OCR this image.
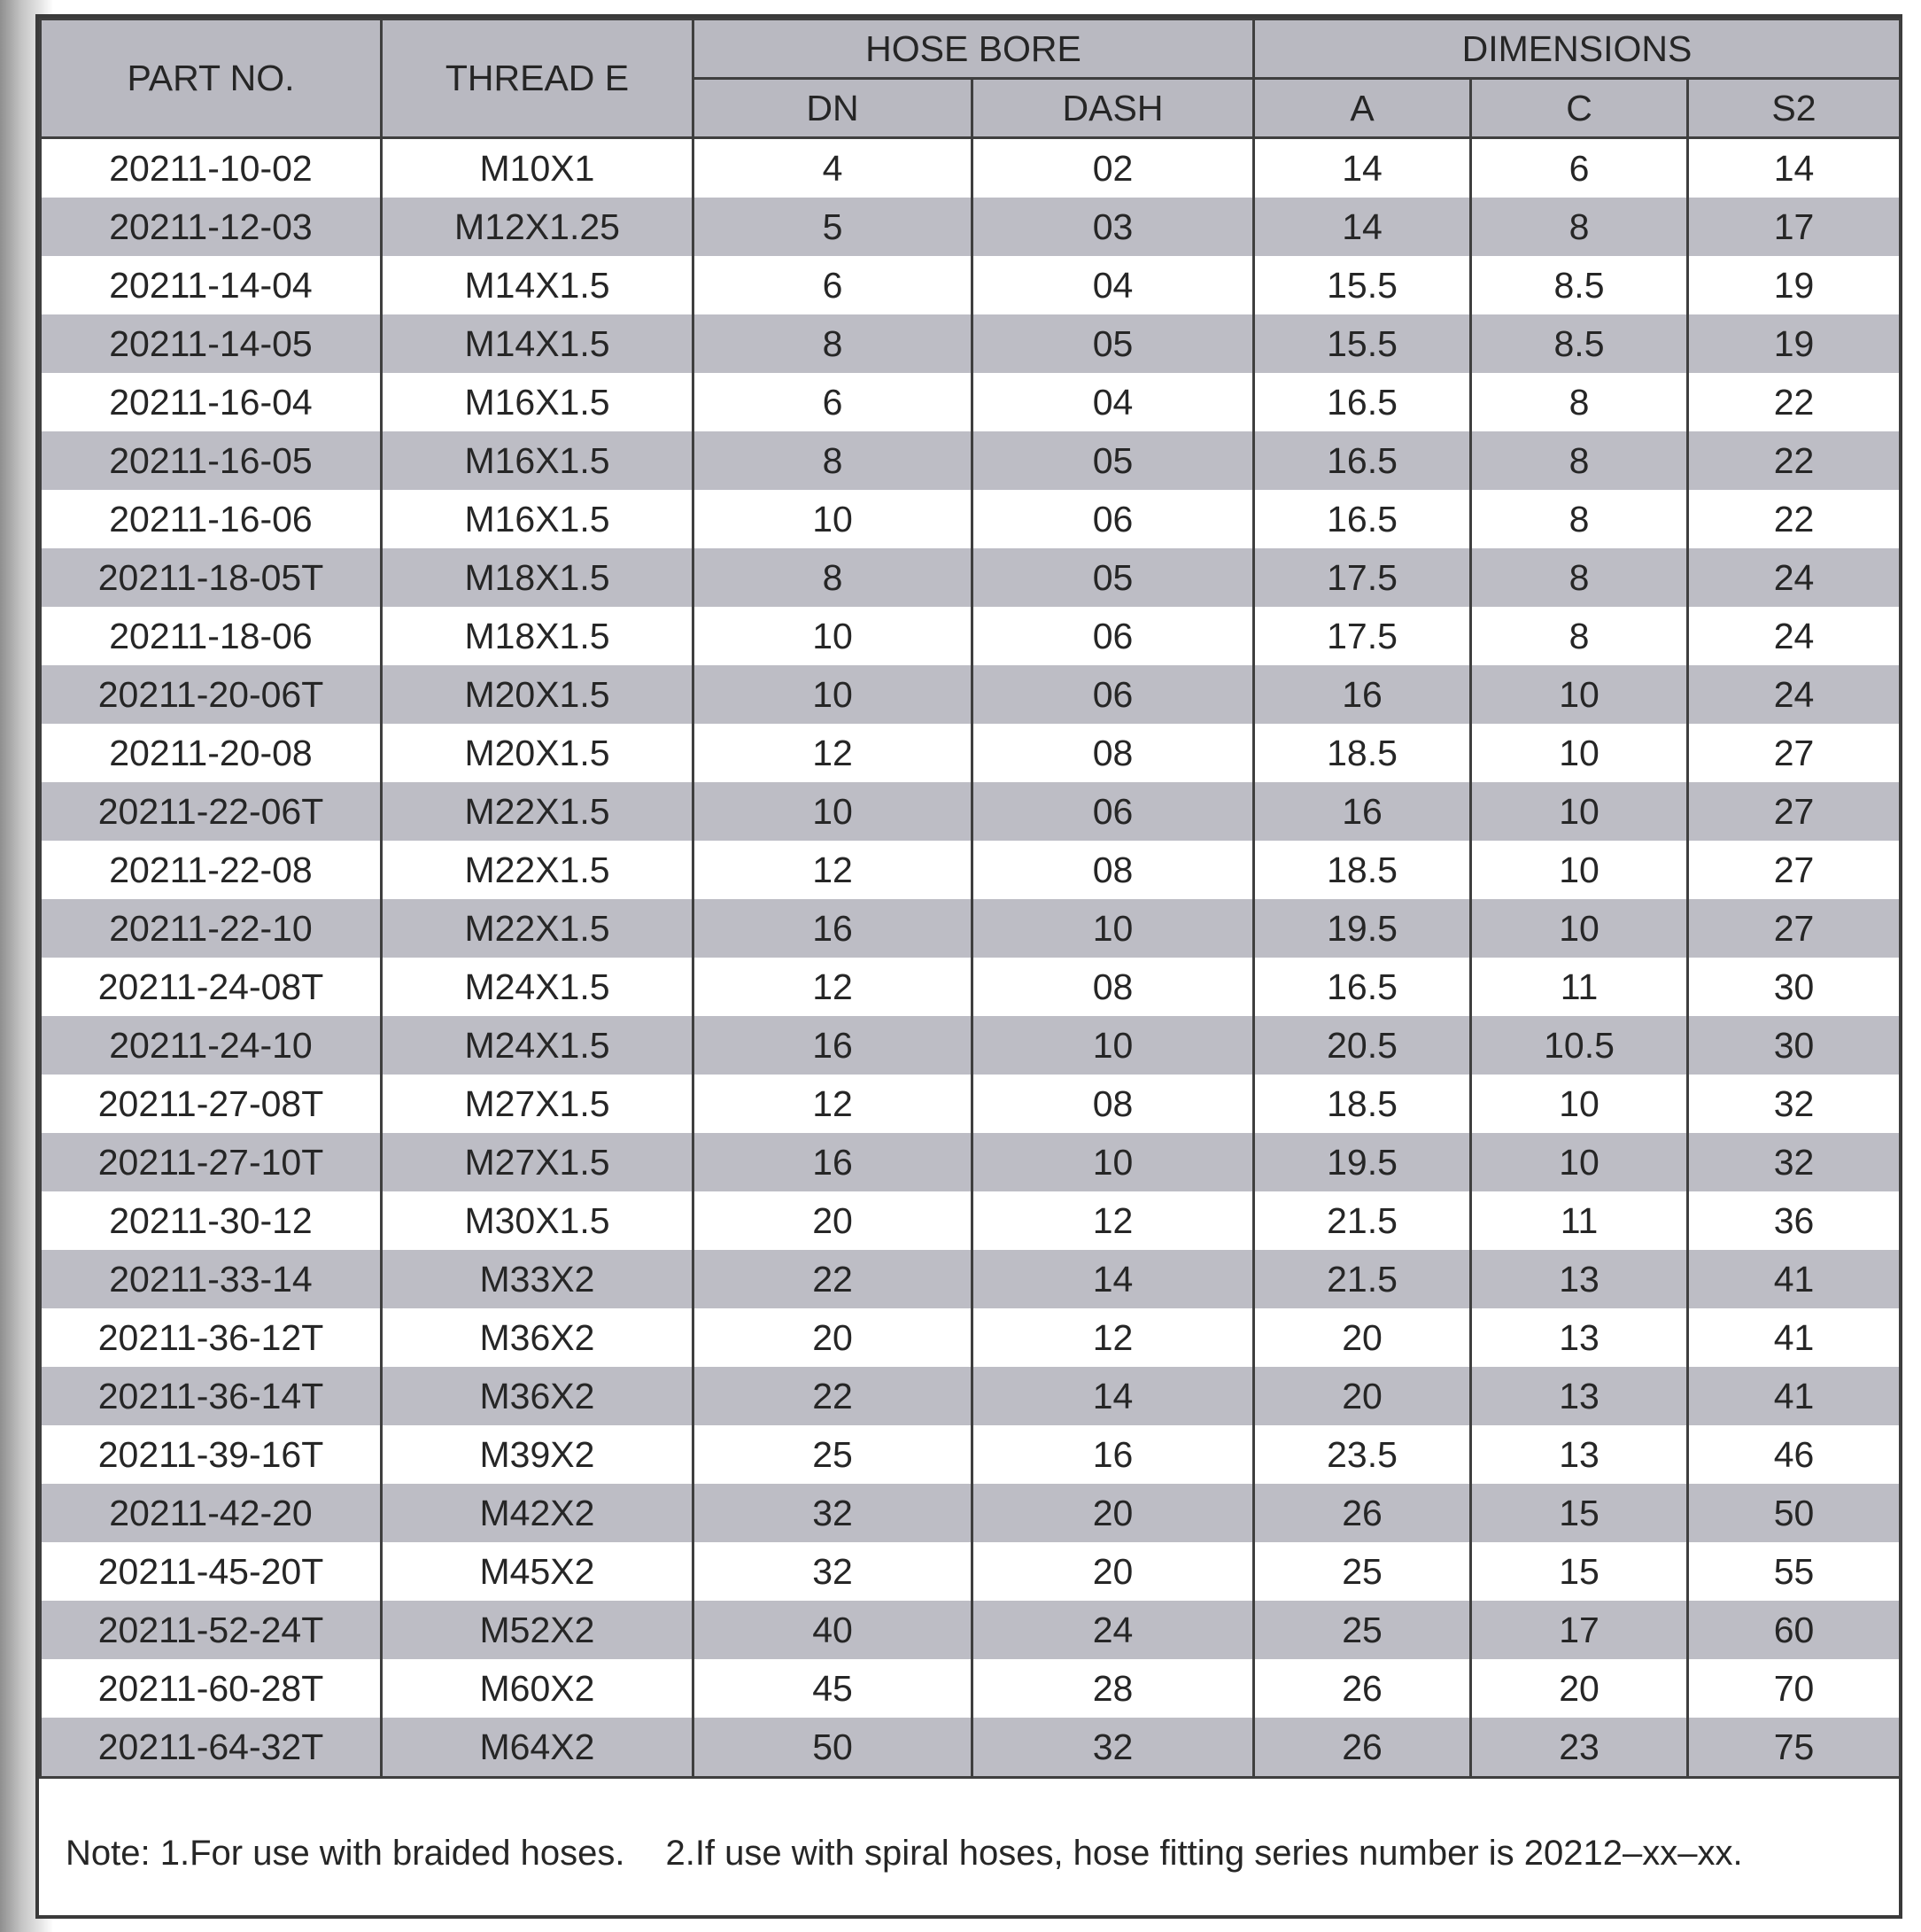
PART NO.	THREAD E	HOSE BORE		DIMENSIONS		
		DN	DASH	A	C	S2
20211-10-02	M10X1	4	02	14	6	14
20211-12-03	M12X1.25	5	03	14	8	17
20211-14-04	M14X1.5	6	04	15.5	8.5	19
20211-14-05	M14X1.5	8	05	15.5	8.5	19
20211-16-04	M16X1.5	6	04	16.5	8	22
20211-16-05	M16X1.5	8	05	16.5	8	22
20211-16-06	M16X1.5	10	06	16.5	8	22
20211-18-05T	M18X1.5	8	05	17.5	8	24
20211-18-06	M18X1.5	10	06	17.5	8	24
20211-20-06T	M20X1.5	10	06	16	10	24
20211-20-08	M20X1.5	12	08	18.5	10	27
20211-22-06T	M22X1.5	10	06	16	10	27
20211-22-08	M22X1.5	12	08	18.5	10	27
20211-22-10	M22X1.5	16	10	19.5	10	27
20211-24-08T	M24X1.5	12	08	16.5	11	30
20211-24-10	M24X1.5	16	10	20.5	10.5	30
20211-27-08T	M27X1.5	12	08	18.5	10	32
20211-27-10T	M27X1.5	16	10	19.5	10	32
20211-30-12	M30X1.5	20	12	21.5	11	36
20211-33-14	M33X2	22	14	21.5	13	41
20211-36-12T	M36X2	20	12	20	13	41
20211-36-14T	M36X2	22	14	20	13	41
20211-39-16T	M39X2	25	16	23.5	13	46
20211-42-20	M42X2	32	20	26	15	50
20211-45-20T	M45X2	32	20	25	15	55
20211-52-24T	M52X2	40	24	25	17	60
20211-60-28T	M60X2	45	28	26	20	70
20211-64-32T	M64X2	50	32	26	23	75
Note: 1.For use with braided hoses. 2.If use with spiral hoses, hose fitting series number is 20212–xx–xx.
